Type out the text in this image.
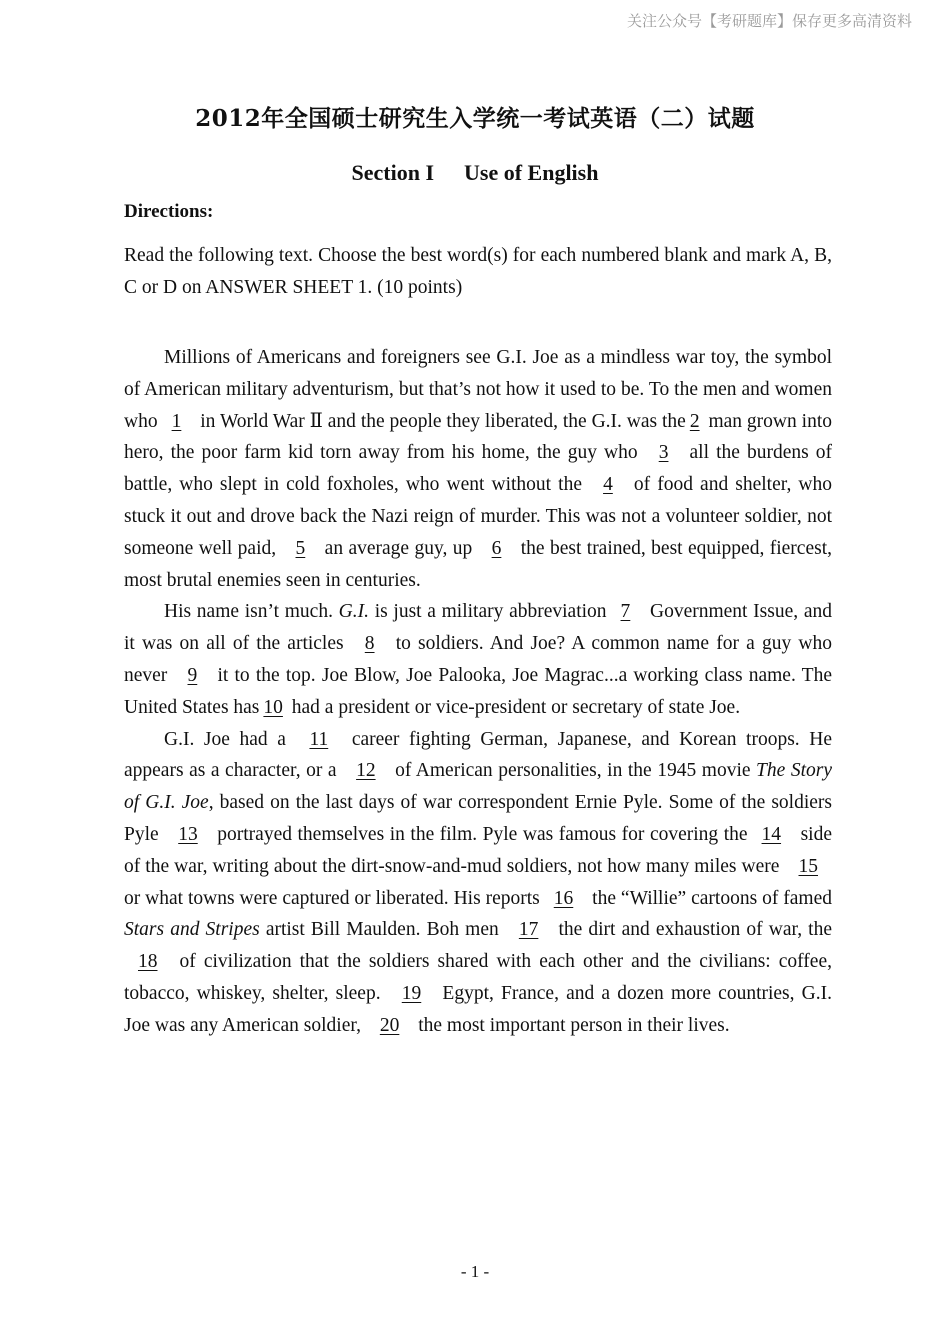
关注公众号【考研题库】保存更多高清资料
2012年全国硕士研究生入学统一考试英语（二）试题
Section I Use of English
Directions:
Read the following text. Choose the best word(s) for each numbered blank and mark A, B, C or D on ANSWER SHEET 1. (10 points)

Millions of Americans and foreigners see G.I. Joe as a mindless war toy, the symbol of American military adventurism, but that’s not how it used to be. To the men and women who 1 in World War Ⅱ and the people they liberated, the G.I. was the 2 man grown into hero, the poor farm kid torn away from his home, the guy who 3 all the burdens of battle, who slept in cold foxholes, who went without the 4 of food and shelter, who stuck it out and drove back the Nazi reign of murder. This was not a volunteer soldier, not someone well paid, 5 an average guy, up 6 the best trained, best equipped, fiercest, most brutal enemies seen in centuries.

His name isn’t much. G.I. is just a military abbreviation 7 Government Issue, and it was on all of the articles 8 to soldiers. And Joe? A common name for a guy who never 9 it to the top. Joe Blow, Joe Palooka, Joe Magrac...a working class name. The United States has 10 had a president or vice-president or secretary of state Joe.

G.I. Joe had a 11 career fighting German, Japanese, and Korean troops. He appears as a character, or a 12 of American personalities, in the 1945 movie The Story of G.I. Joe, based on the last days of war correspondent Ernie Pyle. Some of the soldiers Pyle 13 portrayed themselves in the film. Pyle was famous for covering the 14 side of the war, writing about the dirt-snow-and-mud soldiers, not how many miles were 15 or what towns were captured or liberated. His reports 16 the “Willie” cartoons of famed Stars and Stripes artist Bill Maulden. Boh men 17 the dirt and exhaustion of war, the 18 of civilization that the soldiers shared with each other and the civilians: coffee, tobacco, whiskey, shelter, sleep. 19 Egypt, France, and a dozen more countries, G.I. Joe was any American soldier, 20 the most important person in their lives.

- 1 -
